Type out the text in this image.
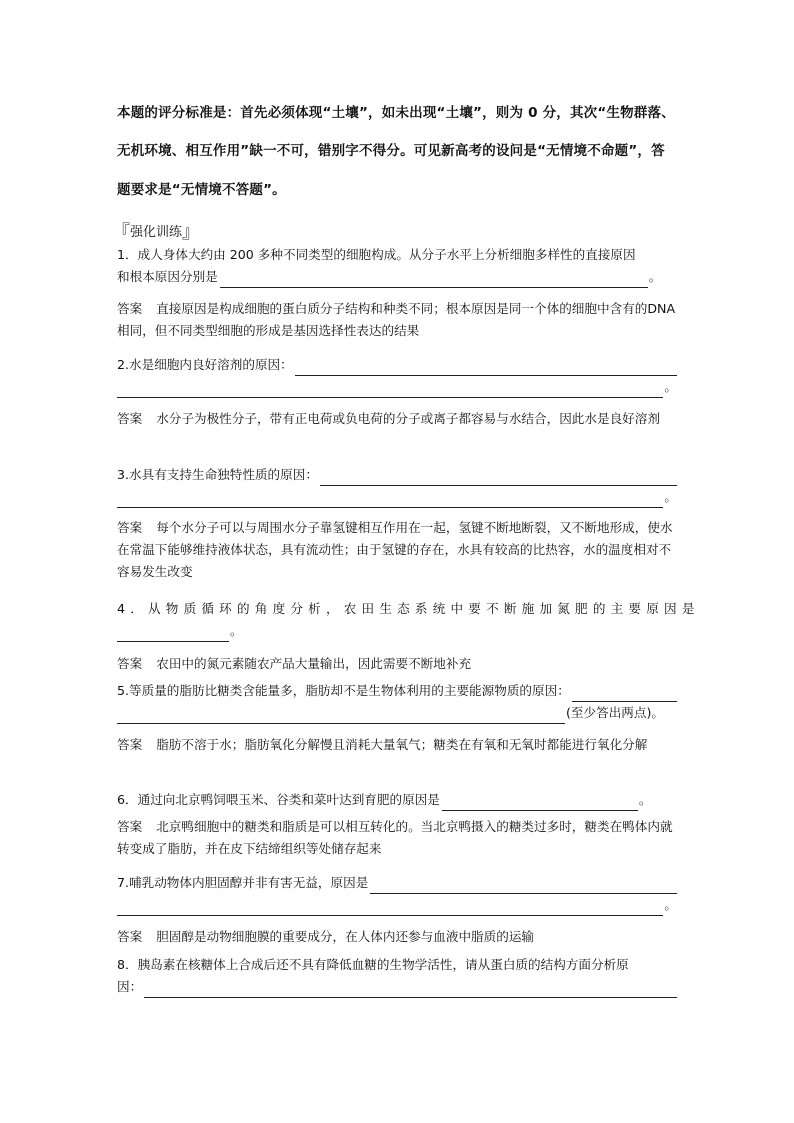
本题的评分标准是：首先必须体现“土壤”，如未出现“土壤”，则为 0 分，其次“生物群落、
无机环境、相互作用”缺一不可，错别字不得分。可见新高考的设问是“无情境不命题”，答
题要求是“无情境不答题”。
『强化训练』
1．成人身体大约由 200 多种不同类型的细胞构成。从分子水平上分析细胞多样性的直接原因
和根本原因分别是	。
答案 直接原因是构成细胞的蛋白质分子结构和种类不同；根本原因是同一个体的细胞中含有的DNA 相同，但不同类型细胞的形成是基因选择性表达的结果
2.水是细胞内良好溶剂的原因：
。
答案 水分子为极性分子，带有正电荷或负电荷的分子或离子都容易与水结合，因此水是良好溶剂
3.水具有支持生命独特性质的原因：
。
答案 每个水分子可以与周围水分子靠氢键相互作用在一起，氢键不断地断裂，又不断地形成，使水在常温下能够维持液体状态，具有流动性；由于氢键的存在，水具有较高的比热容，水的温度相对不容易发生改变
4．从物质循环的角度分析，农田生态系统中要不断施加氮肥的主要原因是
。
答案 农田中的氮元素随农产品大量输出，因此需要不断地补充
5.等质量的脂肪比糖类含能量多，脂肪却不是生物体利用的主要能源物质的原因：
(至少答出两点)。
答案 脂肪不溶于水；脂肪氧化分解慢且消耗大量氧气；糖类在有氧和无氧时都能进行氧化分解
6．通过向北京鸭饲喂玉米、谷类和菜叶达到育肥的原因是	。
答案 北京鸭细胞中的糖类和脂质是可以相互转化的。当北京鸭摄入的糖类过多时，糖类在鸭体内就转变成了脂肪，并在皮下结缔组织等处储存起来
7.哺乳动物体内胆固醇并非有害无益，原因是
。
答案 胆固醇是动物细胞膜的重要成分，在人体内还参与血液中脂质的运输
8．胰岛素在核糖体上合成后还不具有降低血糖的生物学活性，请从蛋白质的结构方面分析原
因：
